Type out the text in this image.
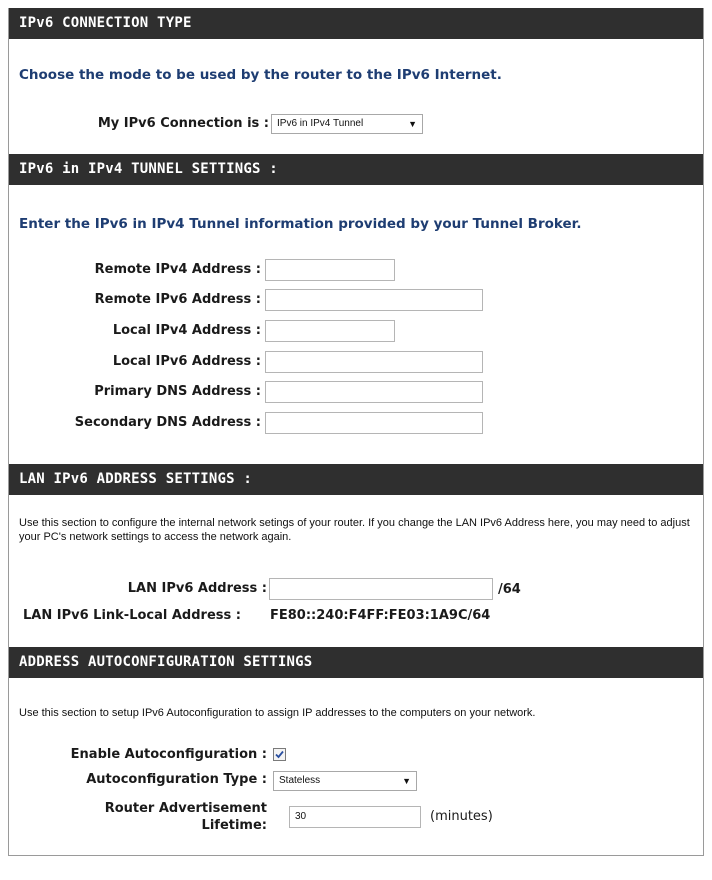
IPv6 CONNECTION TYPE
Choose the mode to be used by the router to the IPv6 Internet.
My IPv6 Connection is : IPv6 in IPv4 Tunnel	▼
IPv6 in IPv4 TUNNEL SETTINGS :
Enter the IPv6 in IPv4 Tunnel information provided by your Tunnel Broker.
Remote IPv4 Address :
Remote IPv6 Address :
Local IPv4 Address :
Local IPv6 Address :
Primary DNS Address :
Secondary DNS Address :
LAN IPv6 ADDRESS SETTINGS :
Use this section to configure the internal network setings of your router. If you change the LAN IPv6 Address here, you may need to adjust your PC's network settings to access the network again.
LAN IPv6 Address :	/64
LAN IPv6 Link-Local Address : FE80::240:F4FF:FE03:1A9C/64
ADDRESS AUTOCONFIGURATION SETTINGS
Use this section to setup IPv6 Autoconfiguration to assign IP addresses to the computers on your network.
Enable Autoconfiguration :
Autoconfiguration Type :	Stateless	▼
Router Advertisement
Lifetime:
30	(minutes)
